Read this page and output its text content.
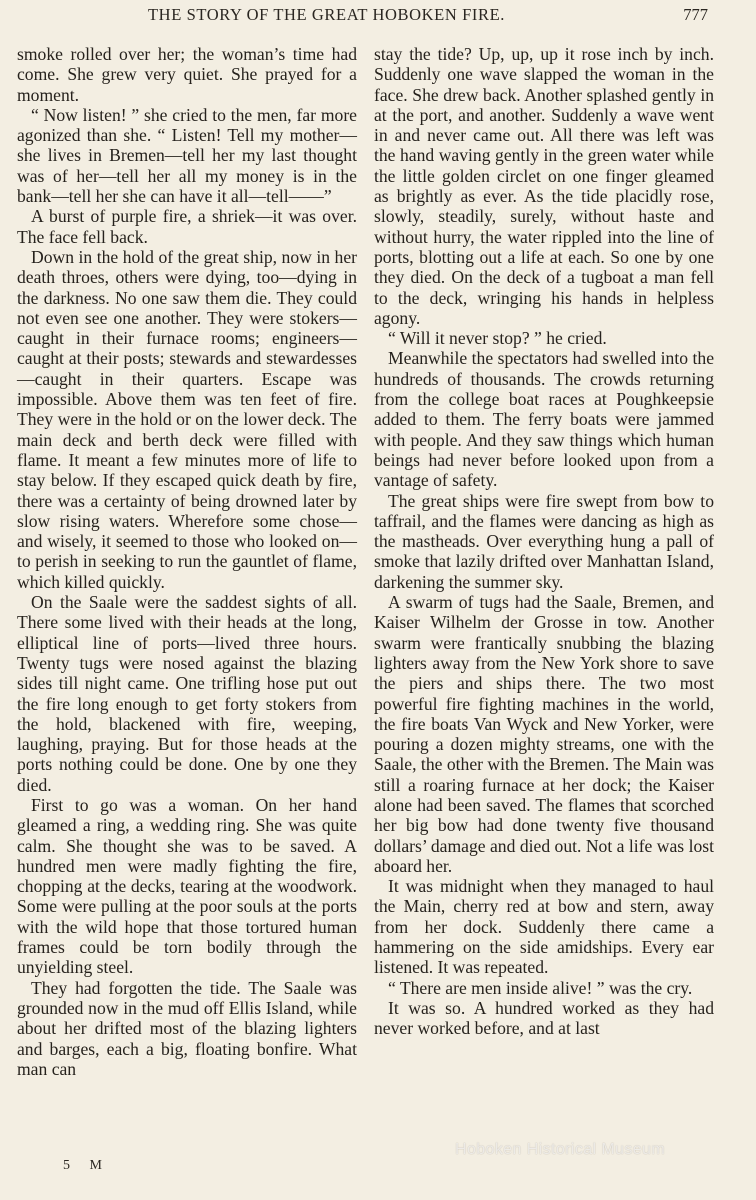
THE STORY OF THE GREAT HOBOKEN FIRE.	777

smoke rolled over her; the woman’s time had come. She grew very quiet. She prayed for a moment.

“ Now listen! ” she cried to the men, far more agonized than she. “ Listen! Tell my mother—she lives in Bremen—tell her my last thought was of her—tell her all my money is in the bank—tell her she can have it all—tell——”

A burst of purple fire, a shriek—it was over. The face fell back.

Down in the hold of the great ship, now in her death throes, others were dying, too—dying in the darkness. No one saw them die. They could not even see one another. They were stokers—caught in their furnace rooms; engineers—caught at their posts; stewards and stewardesses—caught in their quarters. Escape was impossible. Above them was ten feet of fire. They were in the hold or on the lower deck. The main deck and berth deck were filled with flame. It meant a few minutes more of life to stay below. If they escaped quick death by fire, there was a certainty of being drowned later by slow rising waters. Wherefore some chose—and wisely, it seemed to those who looked on—to perish in seeking to run the gauntlet of flame, which killed quickly.

On the Saale were the saddest sights of all. There some lived with their heads at the long, elliptical line of ports—lived three hours. Twenty tugs were nosed against the blazing sides till night came. One trifling hose put out the fire long enough to get forty stokers from the hold, blackened with fire, weeping, laughing, praying. But for those heads at the ports nothing could be done. One by one they died.

First to go was a woman. On her hand gleamed a ring, a wedding ring. She was quite calm. She thought she was to be saved. A hundred men were madly fighting the fire, chopping at the decks, tearing at the woodwork. Some were pulling at the poor souls at the ports with the wild hope that those tortured human frames could be torn bodily through the unyielding steel.

They had forgotten the tide. The Saale was grounded now in the mud off Ellis Island, while about her drifted most of the blazing lighters and barges, each a big, floating bonfire. What man can

stay the tide? Up, up, up it rose inch by inch. Suddenly one wave slapped the woman in the face. She drew back. Another splashed gently in at the port, and another. Suddenly a wave went in and never came out. All there was left was the hand waving gently in the green water while the little golden circlet on one finger gleamed as brightly as ever. As the tide placidly rose, slowly, steadily, surely, without haste and without hurry, the water rippled into the line of ports, blotting out a life at each. So one by one they died. On the deck of a tugboat a man fell to the deck, wringing his hands in helpless agony.

“ Will it never stop? ” he cried.

Meanwhile the spectators had swelled into the hundreds of thousands. The crowds returning from the college boat races at Poughkeepsie added to them. The ferry boats were jammed with people. And they saw things which human beings had never before looked upon from a vantage of safety.

The great ships were fire swept from bow to taffrail, and the flames were dancing as high as the mastheads. Over everything hung a pall of smoke that lazily drifted over Manhattan Island, darkening the summer sky.

A swarm of tugs had the Saale, Bremen, and Kaiser Wilhelm der Grosse in tow. Another swarm were frantically snubbing the blazing lighters away from the New York shore to save the piers and ships there. The two most powerful fire fighting machines in the world, the fire boats Van Wyck and New Yorker, were pouring a dozen mighty streams, one with the Saale, the other with the Bremen. The Main was still a roaring furnace at her dock; the Kaiser alone had been saved. The flames that scorched her big bow had done twenty five thousand dollars’ damage and died out. Not a life was lost aboard her.

It was midnight when they managed to haul the Main, cherry red at bow and stern, away from her dock. Suddenly there came a hammering on the side amidships. Every ear listened. It was repeated.

“ There are men inside alive! ” was the cry.

It was so. A hundred worked as they had never worked before, and at last

5 M
Hoboken Historical Museum
